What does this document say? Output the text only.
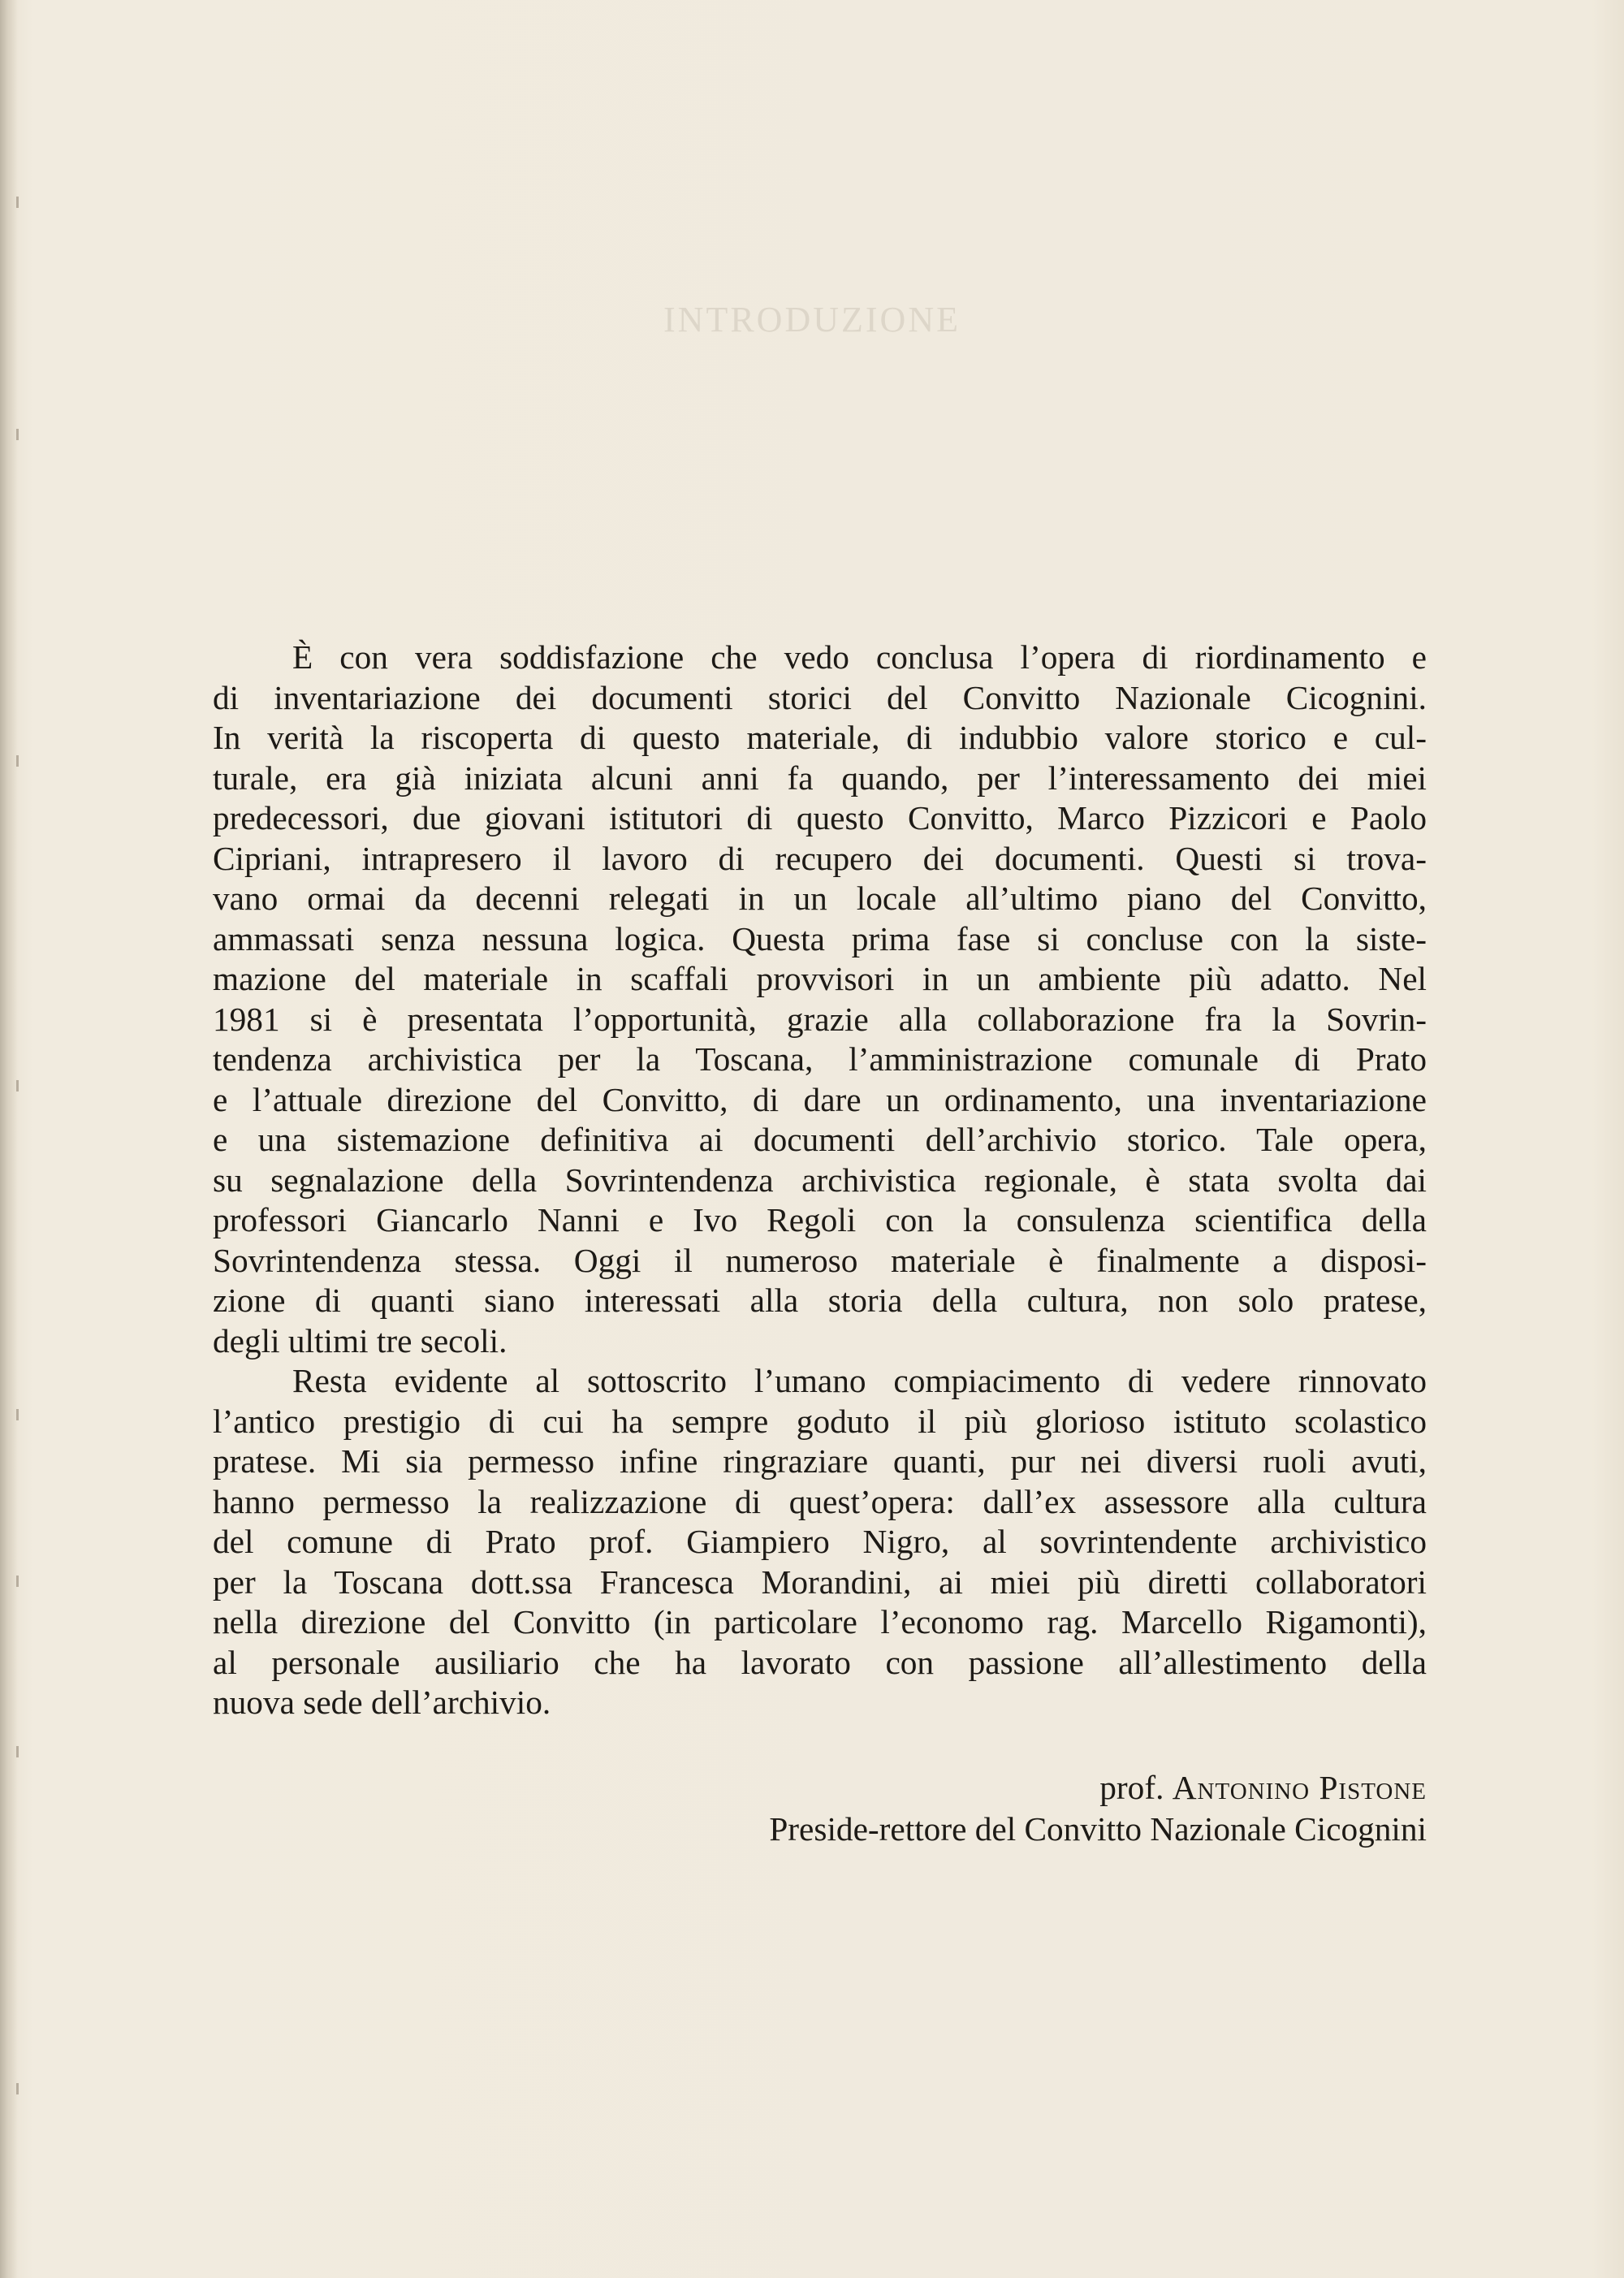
INTRODUZIONE
È con vera soddisfazione che vedo conclusa l’opera di riordinamento e
di inventariazione dei documenti storici del Convitto Nazionale Cicognini.
In verità la riscoperta di questo materiale, di indubbio valore storico e cul-
turale, era già iniziata alcuni anni fa quando, per l’interessamento dei miei
predecessori, due giovani istitutori di questo Convitto, Marco Pizzicori e Paolo
Cipriani, intrapresero il lavoro di recupero dei documenti. Questi si trova-
vano ormai da decenni relegati in un locale all’ultimo piano del Convitto,
ammassati senza nessuna logica. Questa prima fase si concluse con la siste-
mazione del materiale in scaffali provvisori in un ambiente più adatto. Nel
1981 si è presentata l’opportunità, grazie alla collaborazione fra la Sovrin-
tendenza archivistica per la Toscana, l’amministrazione comunale di Prato
e l’attuale direzione del Convitto, di dare un ordinamento, una inventariazione
e una sistemazione definitiva ai documenti dell’archivio storico. Tale opera,
su segnalazione della Sovrintendenza archivistica regionale, è stata svolta dai
professori Giancarlo Nanni e Ivo Regoli con la consulenza scientifica della
Sovrintendenza stessa. Oggi il numeroso materiale è finalmente a disposi-
zione di quanti siano interessati alla storia della cultura, non solo pratese,
degli ultimi tre secoli.
Resta evidente al sottoscrito l’umano compiacimento di vedere rinnovato
l’antico prestigio di cui ha sempre goduto il più glorioso istituto scolastico
pratese. Mi sia permesso infine ringraziare quanti, pur nei diversi ruoli avuti,
hanno permesso la realizzazione di quest’opera: dall’ex assessore alla cultura
del comune di Prato prof. Giampiero Nigro, al sovrintendente archivistico
per la Toscana dott.ssa Francesca Morandini, ai miei più diretti collaboratori
nella direzione del Convitto (in particolare l’economo rag. Marcello Rigamonti),
al personale ausiliario che ha lavorato con passione all’allestimento della
nuova sede dell’archivio.
prof. Antonino Pistone
Preside-rettore del Convitto Nazionale Cicognini
